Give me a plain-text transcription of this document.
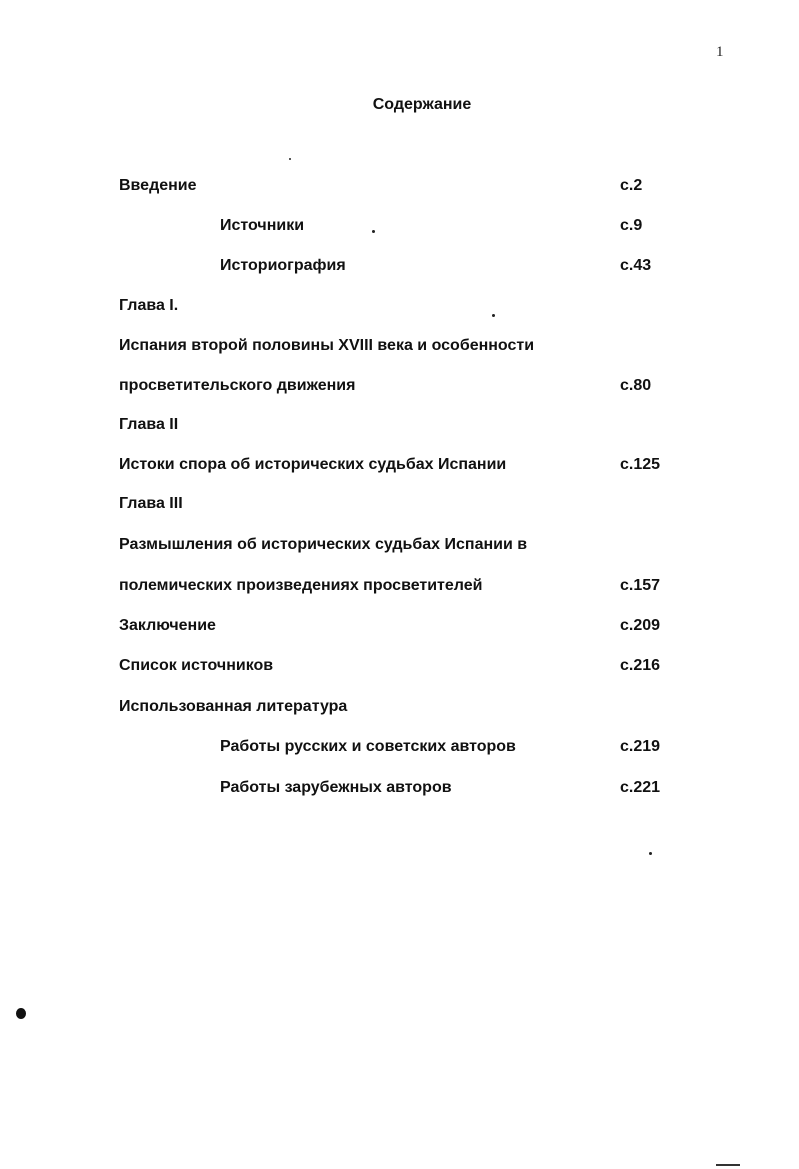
1
Содержание
Введение	с.2
Источники	с.9
Историография	с.43
Глава I.
Испания второй половины XVIII века и особенности
просветительского движения	с.80
Глава II
Истоки спора об исторических судьбах Испании	с.125
Глава III
Размышления об исторических судьбах Испании в
полемических произведениях просветителей	с.157
Заключение	с.209
Список источников	с.216
Использованная литература
Работы русских и советских авторов	с.219
Работы зарубежных авторов	с.221
